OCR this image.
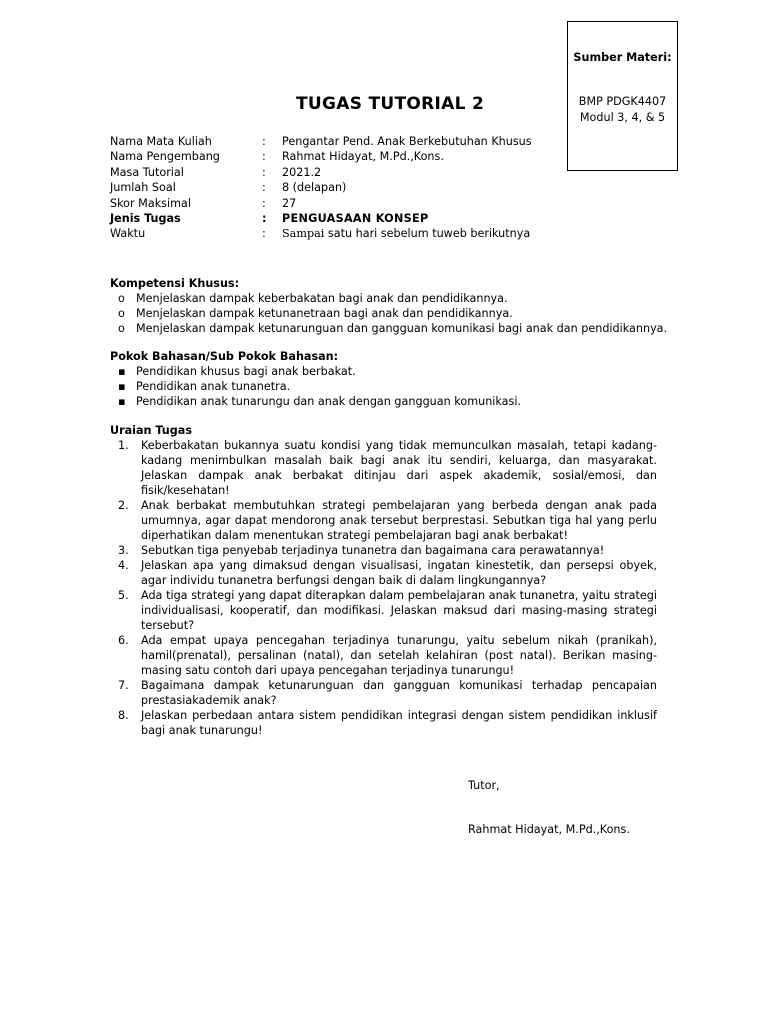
Sumber Materi:
BMP PDGK4407
Modul 3, 4, & 5
TUGAS TUTORIAL 2
Nama Mata Kuliah	: Pengantar Pend. Anak Berkebutuhan Khusus
Nama Pengembang	: Rahmat Hidayat, M.Pd.,Kons.
Masa Tutorial	: 2021.2
Jumlah Soal	: 8 (delapan)
Skor Maksimal	: 27
Jenis Tugas	: PENGUASAAN KONSEP
Waktu	: Sampai satu hari sebelum tuweb berikutnya
Kompetensi Khusus:
o Menjelaskan dampak keberbakatan bagi anak dan pendidikannya.
o Menjelaskan dampak ketunanetraan bagi anak dan pendidikannya.
o Menjelaskan dampak ketunarunguan dan gangguan komunikasi bagi anak dan pendidikannya.
Pokok Bahasan/Sub Pokok Bahasan:
▪ Pendidikan khusus bagi anak berbakat.
▪ Pendidikan anak tunanetra.
▪ Pendidikan anak tunarungu dan anak dengan gangguan komunikasi.
Uraian Tugas
1. Keberbakatan bukannya suatu kondisi yang tidak memunculkan masalah, tetapi kadang-kadang menimbulkan masalah baik bagi anak itu sendiri, keluarga, dan masyarakat. Jelaskan dampak anak berbakat ditinjau dari aspek akademik, sosial/emosi, dan fisik/kesehatan!
2. Anak berbakat membutuhkan strategi pembelajaran yang berbeda dengan anak pada umumnya, agar dapat mendorong anak tersebut berprestasi. Sebutkan tiga hal yang perlu diperhatikan dalam menentukan strategi pembelajaran bagi anak berbakat!
3. Sebutkan tiga penyebab terjadinya tunanetra dan bagaimana cara perawatannya!
4. Jelaskan apa yang dimaksud dengan visualisasi, ingatan kinestetik, dan persepsi obyek, agar individu tunanetra berfungsi dengan baik di dalam lingkungannya?
5. Ada tiga strategi yang dapat diterapkan dalam pembelajaran anak tunanetra, yaitu strategi individualisasi, kooperatif, dan modifikasi. Jelaskan maksud dari masing-masing strategi tersebut?
6. Ada empat upaya pencegahan terjadinya tunarungu, yaitu sebelum nikah (pranikah), hamil(prenatal), persalinan (natal), dan setelah kelahiran (post natal). Berikan masing-masing satu contoh dari upaya pencegahan terjadinya tunarungu!
7. Bagaimana dampak ketunarunguan dan gangguan komunikasi terhadap pencapaian prestasiakademik anak?
8. Jelaskan perbedaan antara sistem pendidikan integrasi dengan sistem pendidikan inklusif bagi anak tunarungu!
Tutor,
Rahmat Hidayat, M.Pd.,Kons.
